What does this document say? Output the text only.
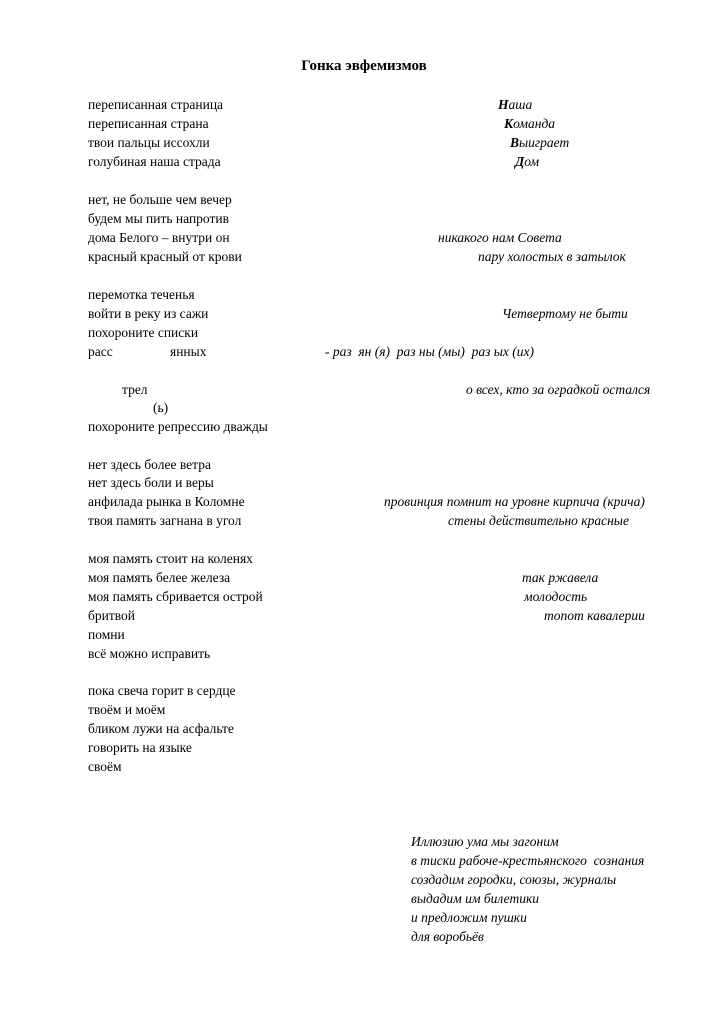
Гонка эвфемизмов
переписанная страница
переписанная страна
твои пальцы иссохли
голубиная наша страда
Наша
Команда
Выиграет
Дом
нет, не больше чем вечер
будем мы пить напротив
дома Белого – внутри он
красный красный от крови
никакого нам Совета
пару холостых в затылок
перемотка теченья
войти в реку из сажи
похороните списки
расс	янных
Четвертому не быти
- раз  ян (я)  раз ны (мы)  раз ых (их)
трел
(ь)
похороните репрессию дважды
о всех, кто за оградкой остался
нет здесь более ветра
нет здесь боли и веры
анфилада рынка в Коломне
твоя память загнана в угол
провинция помнит на уровне кирпича (крича)
стены действительно красные
моя память стоит на коленях
моя память белее железа
моя память сбривается острой
бритвой
помни
всё можно исправить
так ржавела
молодость
топот кавалерии
пока свеча горит в сердце
твоём и моём
бликом лужи на асфальте
говорить на языке
своём
Иллюзию ума мы загоним
в тиски рабоче-крестьянского  сознания
создадим городки, союзы, журналы
выдадим им билетики
и предложим пушки
для воробьёв
